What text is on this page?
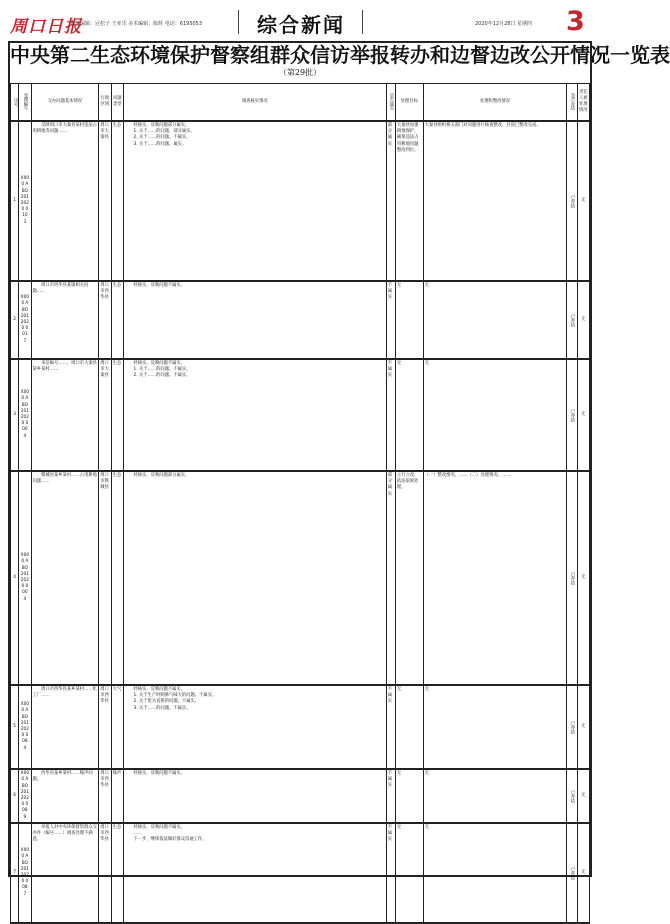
周口日报
责任编辑：冠松子 王亚乐 美术编辑：陈辉 电话：6195053	综合新闻	2020年12月28日 星期四 3
中央第二生态环境保护督察组群众信访举报转办和边督边改公开情况一览表
（第29批）
序号	受理编号	交办问题基本情况	行政区域	问题类型	调查核实情况	是否属实	处理目标	处理和整改情况	是否办结	责任人被处理情况
1	X000 ABO 201 2020 010 3	反映周口市大秦县某村违法占用耕地等问题……	周口市大秦县	生态	经核实，反映问题部分属实。

1. 关于……的问题。部分属实。

2. 关于……的问题。不属实。

3. 关于……的问题。属实。	部分属实	大秦县加强耕地保护，确保违法占用耕地问题整改到位。	大秦县组织相关部门对问题进行核查整改，目前已整改完成。	已办结	无
2	X000 ABO 201 2020 001 7	周口市西华县某镇相关问题……	周口市西华县	生态	经核实，反映问题不属实。	不属实	无	无	已办结	无
3	X000 ABO 201 2020 000 4	来信编号……，周口市大秦县某乡某村……	周口市大秦县	生态	经核实，反映问题不属实。

1. 关于……的问题。不属实。

2. 关于……的问题。不属实。	不属实	无	无	已办结	无
4	X000 ABO 201 2020 000 4	郸城县某乡某村……占用耕地问题……	周口市郸城县	生态	经核实，反映问题部分属实。	部分属实	立行立改，依法依规处理。	（一）整改情况。……（二）处理情况。……	已办结	无
5	X000 ABO 201 2020 008 4	周口市西华县某乡某村……化工厂……	周口市西华县	大气	经核实，反映问题不属实。

1. 关于生产时刺鼻气味大的问题。不属实。

2. 关于废水直排的问题。不属实。

3. 关于……的问题。不属实。	不属实	无	无	已办结	无
6	X000 ABO 201 2020 008 9	西华县某乡某村……噪声问题。	周口市西华县	噪声	经核实，反映问题不属实。	不属实	无	无	已办结	无
7	X000 ABO 201 2020 008 7	举报人对中央环保督察群众交办件（编号……）调查处理不满意。	周口市西华县	生态	经核实，反映问题不属实。

……

下一步，继续依法做好群众沟通工作。	不属实	无	无	已办结	无
